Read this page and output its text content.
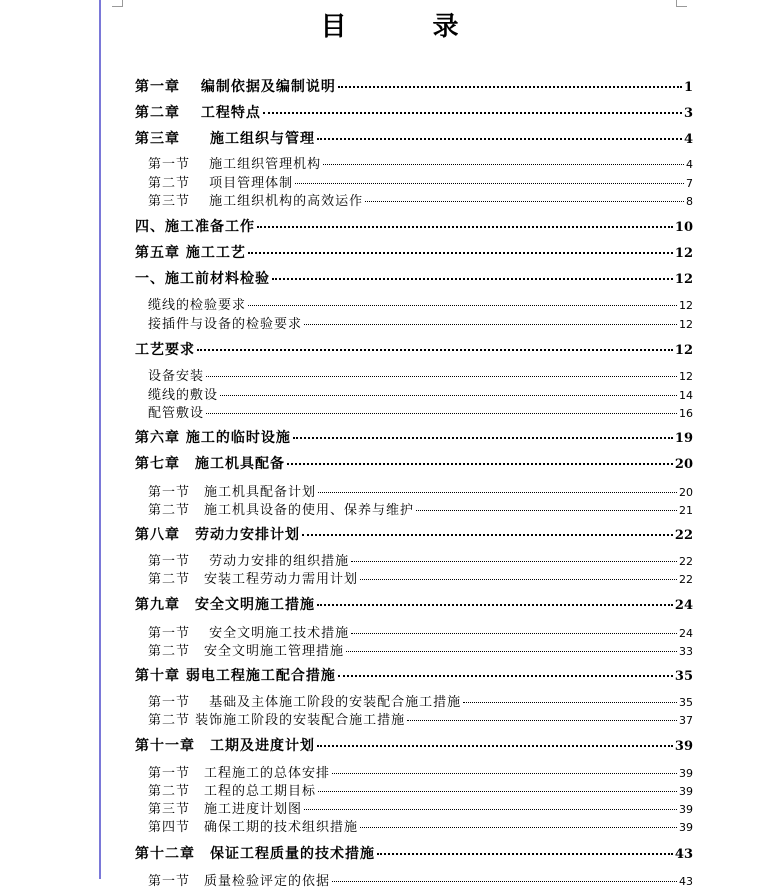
目　录
第一章　 编制依据及编制说明	1
第二章　 工程特点	3
第三章　　施工组织与管理	4
第一节　 施工组织管理机构	4
第二节　 项目管理体制	7
第三节　 施工组织机构的高效运作	8
四、施工准备工作	10
第五章 施工工艺	12
一、施工前材料检验	12
缆线的检验要求	12
接插件与设备的检验要求	12
工艺要求	12
设备安装	12
缆线的敷设	14
配管敷设	16
第六章 施工的临时设施	19
第七章　施工机具配备	20
第一节　施工机具配备计划	20
第二节　施工机具设备的使用、保养与维护	21
第八章　劳动力安排计划	22
第一节　 劳动力安排的组织措施	22
第二节　安装工程劳动力需用计划	22
第九章　安全文明施工措施	24
第一节　 安全文明施工技术措施	24
第二节　安全文明施工管理措施	33
第十章 弱电工程施工配合措施	35
第一节　 基础及主体施工阶段的安装配合施工措施	35
第二节 装饰施工阶段的安装配合施工措施	37
第十一章　工期及进度计划	39
第一节　工程施工的总体安排	39
第二节　工程的总工期目标	39
第三节　施工进度计划图	39
第四节　确保工期的技术组织措施	39
第十二章　保证工程质量的技术措施	43
第一节　质量检验评定的依据	43
